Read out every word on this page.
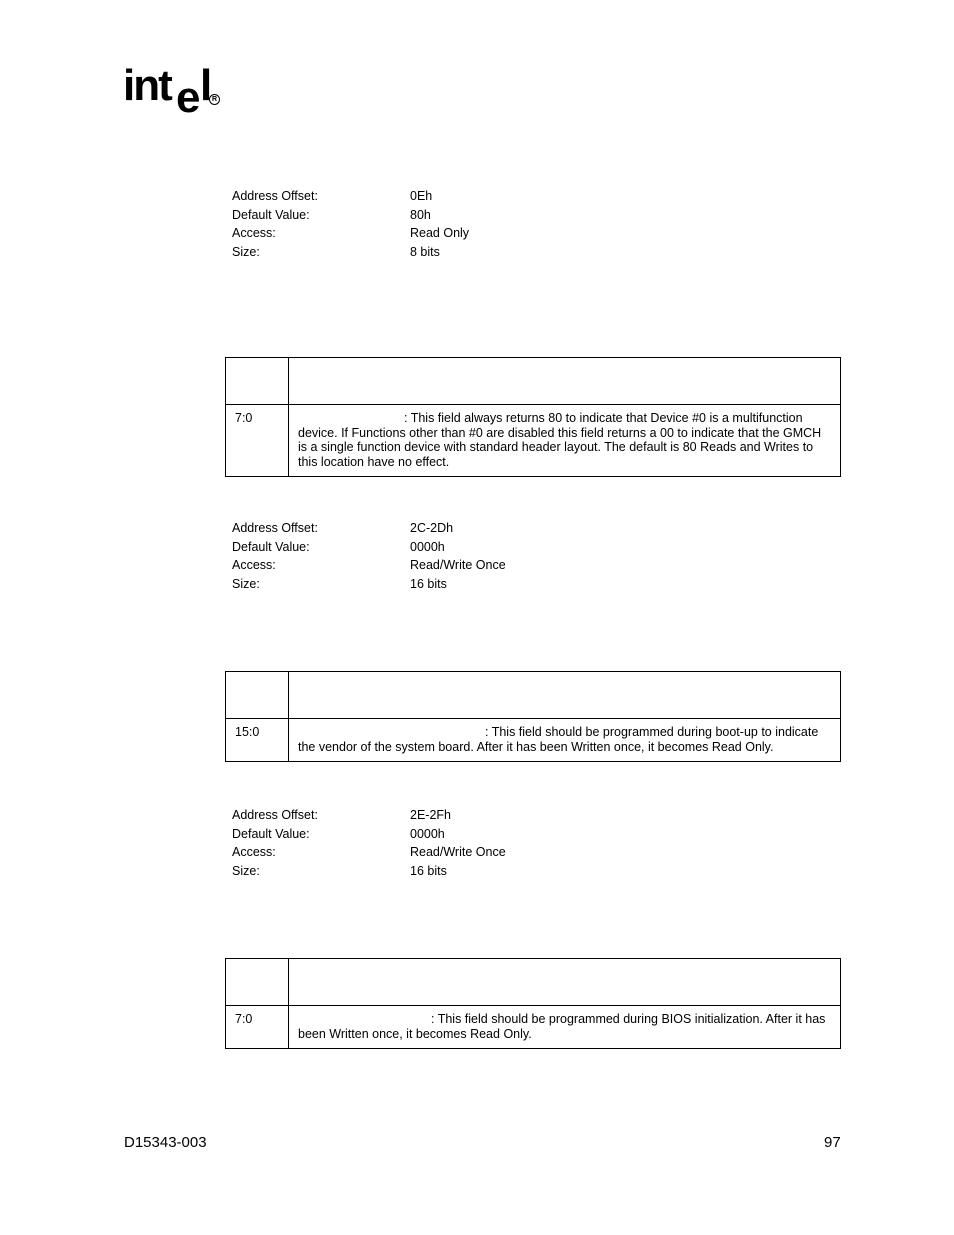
int e l R
Address Offset:	0Eh
Default Value:	80h
Access:	Read Only
Size:	8 bits

7:0	: This field always returns 80 to indicate that Device #0 is a multifunction device. If Functions other than #0 are disabled this field returns a 00 to indicate that the GMCH is a single function device with standard header layout. The default is 80 Reads and Writes to this location have no effect.
Address Offset:	2C-2Dh
Default Value:	0000h
Access:	Read/Write Once
Size:	16 bits

15:0	: This field should be programmed during boot-up to indicate the vendor of the system board. After it has been Written once, it becomes Read Only.
Address Offset:	2E-2Fh
Default Value:	0000h
Access:	Read/Write Once
Size:	16 bits

7:0	: This field should be programmed during BIOS initialization. After it has been Written once, it becomes Read Only.
D15343-003	97
